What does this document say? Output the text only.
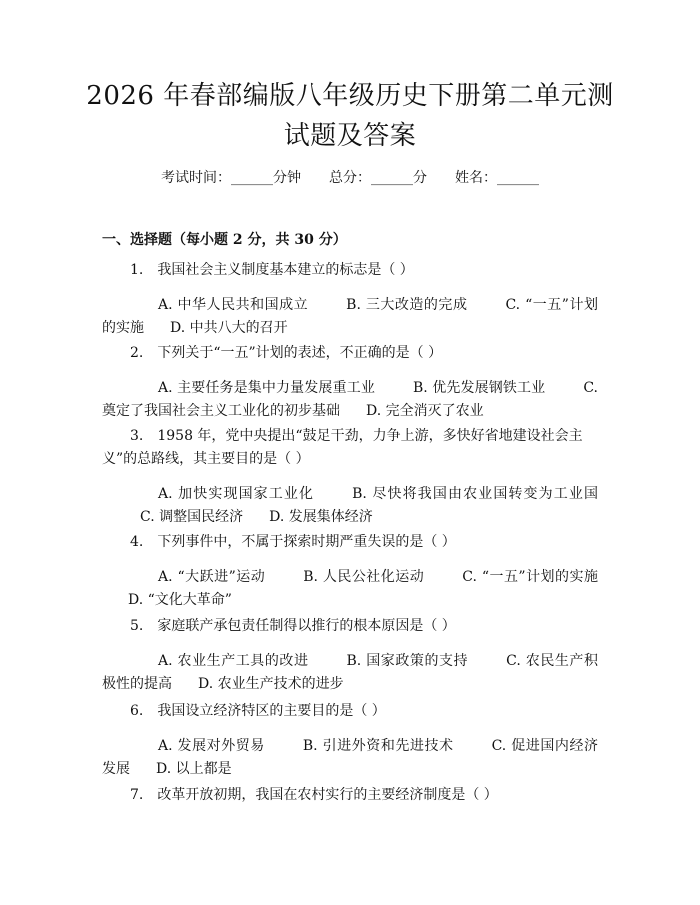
2026 年春部编版八年级历史下册第二单元测
试题及答案
考试时间：______分钟　　总分：______分　　姓名：______
一、选择题（每小题 2 分，共 30 分）
1.　我国社会主义制度基本建立的标志是（ ）
A. 中华人民共和国成立	B. 三大改造的完成	C. “一五”计划的实施 D. 中共八大的召开
2.　下列关于“一五”计划的表述，不正确的是（ ）
A. 主要任务是集中力量发展重工业	B. 优先发展钢铁工业	C. 奠定了我国社会主义工业化的初步基础 D. 完全消灭了农业
3.　1958 年，党中央提出“鼓足干劲，力争上游，多快好省地建设社会主义”的总路线，其主要目的是（ ）
A. 加快实现国家工业化	B. 尽快将我国由农业国转变为工业国C. 调整国民经济 D. 发展集体经济
4.　下列事件中，不属于探索时期严重失误的是（ ）
A. “大跃进”运动	B. 人民公社化运动	C. “一五”计划的实施D. “文化大革命”
5.　家庭联产承包责任制得以推行的根本原因是（ ）
A. 农业生产工具的改进	B. 国家政策的支持	C. 农民生产积极性的提高 D. 农业生产技术的进步
6.　我国设立经济特区的主要目的是（ ）
A. 发展对外贸易	B. 引进外资和先进技术	C. 促进国内经济发展 D. 以上都是
7.　改革开放初期，我国在农村实行的主要经济制度是（ ）
